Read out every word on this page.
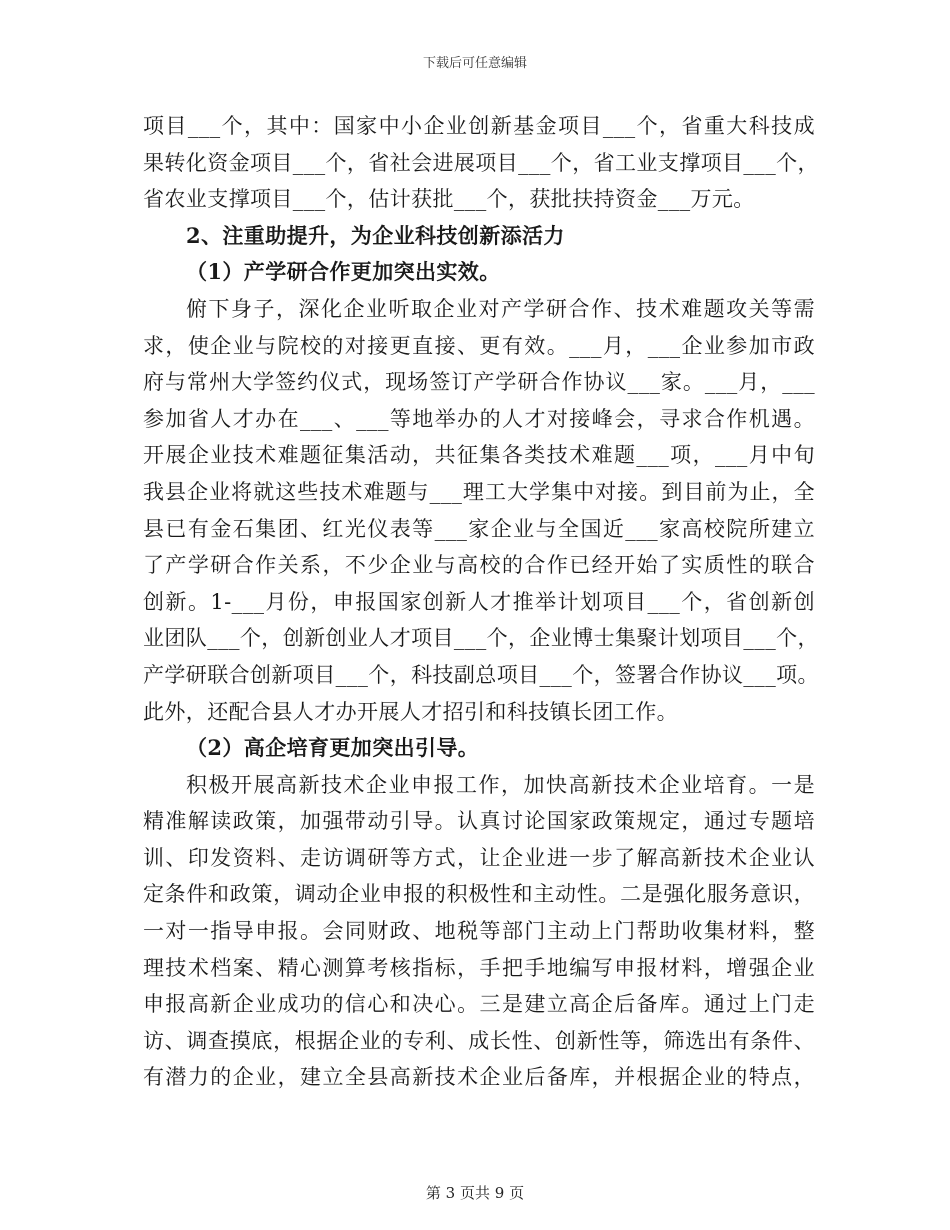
下载后可任意编辑
项目___个，其中：国家中小企业创新基金项目___个，省重大科技成
果转化资金项目___个，省社会进展项目___个，省工业支撑项目___个，
省农业支撑项目___个，估计获批___个，获批扶持资金___万元。
2、注重助提升，为企业科技创新添活力
（1）产学研合作更加突出实效。
俯下身子，深化企业听取企业对产学研合作、技术难题攻关等需
求，使企业与院校的对接更直接、更有效。___月，___企业参加市政
府与常州大学签约仪式，现场签订产学研合作协议___家。___月，___
参加省人才办在___、___等地举办的人才对接峰会，寻求合作机遇。
开展企业技术难题征集活动，共征集各类技术难题___项，___月中旬
我县企业将就这些技术难题与___理工大学集中对接。到目前为止，全
县已有金石集团、红光仪表等___家企业与全国近___家高校院所建立
了产学研合作关系，不少企业与高校的合作已经开始了实质性的联合
创新。1-___月份，申报国家创新人才推举计划项目___个，省创新创
业团队___个，创新创业人才项目___个，企业博士集聚计划项目___个，
产学研联合创新项目___个，科技副总项目___个，签署合作协议___项。
此外，还配合县人才办开展人才招引和科技镇长团工作。
（2）高企培育更加突出引导。
积极开展高新技术企业申报工作，加快高新技术企业培育。一是
精准解读政策，加强带动引导。认真讨论国家政策规定，通过专题培
训、印发资料、走访调研等方式，让企业进一步了解高新技术企业认
定条件和政策，调动企业申报的积极性和主动性。二是强化服务意识，
一对一指导申报。会同财政、地税等部门主动上门帮助收集材料，整
理技术档案、精心测算考核指标，手把手地编写申报材料，增强企业
申报高新企业成功的信心和决心。三是建立高企后备库。通过上门走
访、调查摸底，根据企业的专利、成长性、创新性等，筛选出有条件、
有潜力的企业，建立全县高新技术企业后备库，并根据企业的特点，
第 3 页共 9 页
